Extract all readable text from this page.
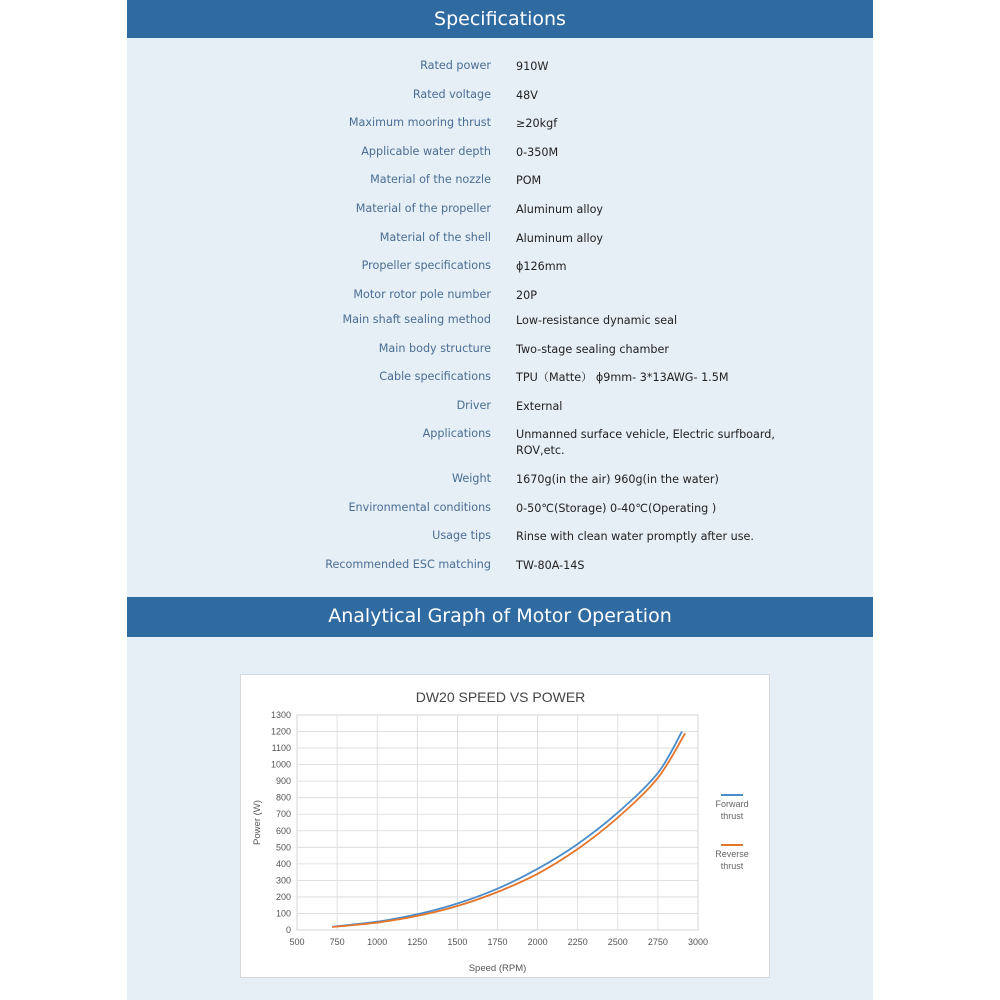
Specifications
Rated power 910W
Rated voltage 48V
Maximum mooring thrust ≥20kgf
Applicable water depth 0-350M
Material of the nozzle POM
Material of the propeller Aluminum alloy
Material of the shell Aluminum alloy
Propeller specifications ɸ126mm
Motor rotor pole number 20P
Main shaft sealing method Low-resistance dynamic seal
Main body structure Two-stage sealing chamber
Cable specifications TPU（Matte） ɸ9mm- 3*13AWG- 1.5M
Driver External
Applications Unmanned surface vehicle, Electric surfboard, ROV,etc.
Weight 1670g(in the air) 960g(in the water)
Environmental conditions 0-50℃(Storage) 0-40℃(Operating )
Usage tips Rinse with clean water promptly after use.
Recommended ESC matching TW-80A-14S
Analytical Graph of Motor Operation
0
100
200
300
400
500
600
700
800
900
1000
1100
1200
1300
500	750	1000 1250 1500 1750 2000 2250 2500 2750 3000
DW20 SPEED VS POWER
Speed (RPM)
Power (W)	Forward
thrust
Reverse
thrust
